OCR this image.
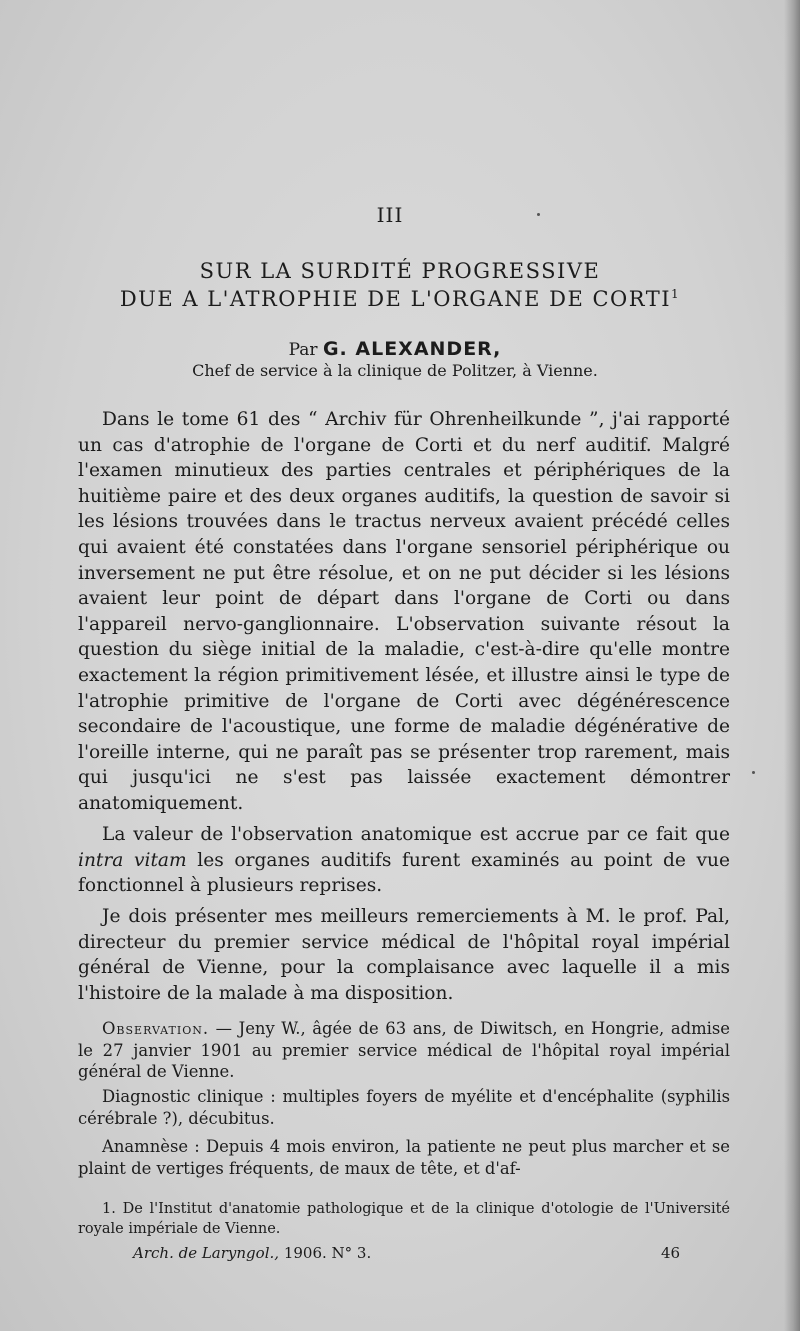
III
SUR LA SURDITÉ PROGRESSIVE
DUE A L'ATROPHIE DE L'ORGANE DE CORTI$^1$
Par G. ALEXANDER,
Chef de service à la clinique de Politzer, à Vienne.

Dans le tome 61 des “ Archiv für Ohrenheilkunde ”, j'ai rapporté un cas d'atrophie de l'organe de Corti et du nerf auditif. Malgré l'examen minutieux des parties centrales et périphériques de la huitième paire et des deux organes auditifs, la question de savoir si les lésions trouvées dans le tractus nerveux avaient précédé celles qui avaient été constatées dans l'organe sensoriel périphérique ou inversement ne put être résolue, et on ne put décider si les lésions avaient leur point de départ dans l'organe de Corti ou dans l'appareil nervo-ganglionnaire. L'observation suivante résout la question du siège initial de la maladie, c'est-à-dire qu'elle montre exactement la région primitivement lésée, et illustre ainsi le type de l'atrophie primitive de l'organe de Corti avec dégénérescence secondaire de l'acoustique, une forme de maladie dégénérative de l'oreille interne, qui ne paraît pas se présenter trop rarement, mais qui jusqu'ici ne s'est pas laissée exactement démontrer anatomiquement.

La valeur de l'observation anatomique est accrue par ce fait que intra vitam les organes auditifs furent examinés au point de vue fonctionnel à plusieurs reprises.

Je dois présenter mes meilleurs remerciements à M. le prof. Pal, directeur du premier service médical de l'hôpital royal impérial général de Vienne, pour la complaisance avec laquelle il a mis l'histoire de la malade à ma disposition.

Observation. — Jeny W., âgée de 63 ans, de Diwitsch, en Hongrie, admise le 27 janvier 1901 au premier service médical de l'hôpital royal impérial général de Vienne.

Diagnostic clinique : multiples foyers de myélite et d'encéphalite (syphilis cérébrale ?), décubitus.

Anamnèse : Depuis 4 mois environ, la patiente ne peut plus marcher et se plaint de vertiges fréquents, de maux de tête, et d'af-

1. De l'Institut d'anatomie pathologique et de la clinique d'otologie de l'Université royale impériale de Vienne.
Arch. de Laryngol., 1906. N° 3.	46
